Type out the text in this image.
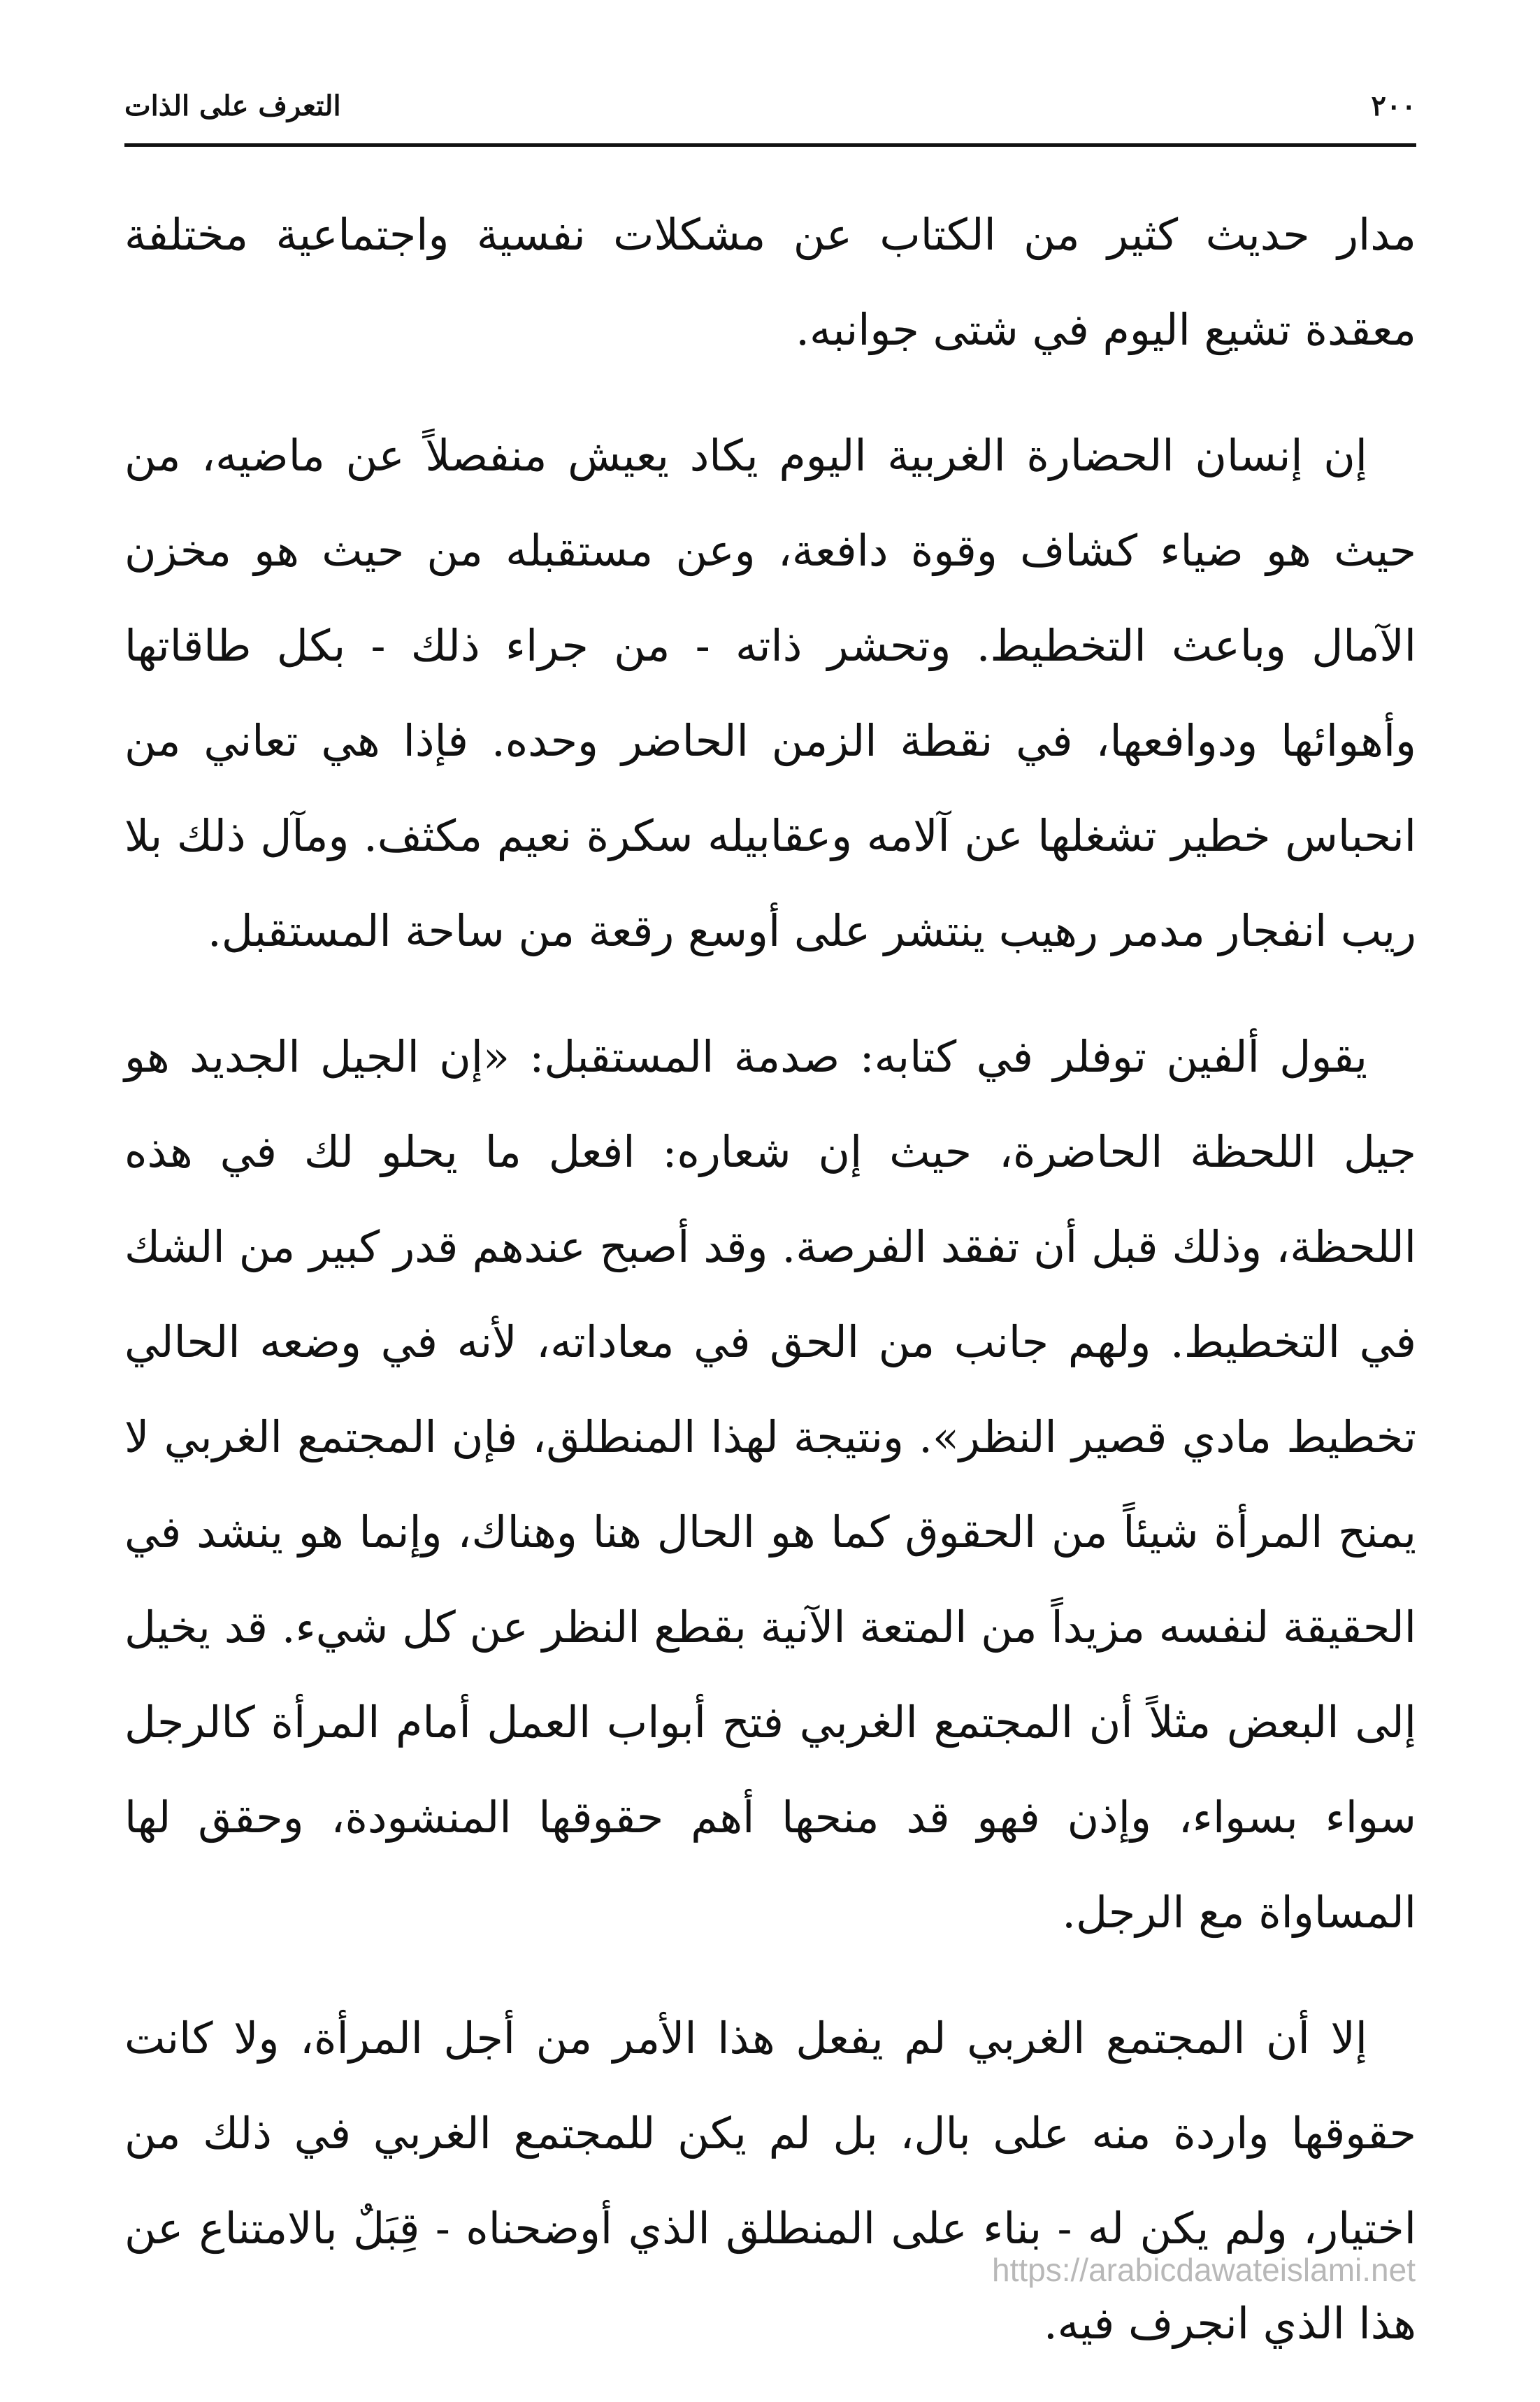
التعرف على الذات	٢٠٠

مدار حديث كثير من الكتاب عن مشكلات نفسية واجتماعية مختلفة معقدة تشيع اليوم في شتى جوانبه.

إن إنسان الحضارة الغربية اليوم يكاد يعيش منفصلاً عن ماضيه، من حيث هو ضياء كشاف وقوة دافعة، وعن مستقبله من حيث هو مخزن الآمال وباعث التخطيط. وتحشر ذاته - من جراء ذلك - بكل طاقاتها وأهوائها ودوافعها، في نقطة الزمن الحاضر وحده. فإذا هي تعاني من انحباس خطير تشغلها عن آلامه وعقابيله سكرة نعيم مكثف. ومآل ذلك بلا ريب انفجار مدمر رهيب ينتشر على أوسع رقعة من ساحة المستقبل.

يقول ألفين توفلر في كتابه: صدمة المستقبل: «إن الجيل الجديد هو جيل اللحظة الحاضرة، حيث إن شعاره: افعل ما يحلو لك في هذه اللحظة، وذلك قبل أن تفقد الفرصة. وقد أصبح عندهم قدر كبير من الشك في التخطيط. ولهم جانب من الحق في معاداته، لأنه في وضعه الحالي تخطيط مادي قصير النظر». ونتيجة لهذا المنطلق، فإن المجتمع الغربي لا يمنح المرأة شيئاً من الحقوق كما هو الحال هنا وهناك، وإنما هو ينشد في الحقيقة لنفسه مزيداً من المتعة الآنية بقطع النظر عن كل شيء. قد يخيل إلى البعض مثلاً أن المجتمع الغربي فتح أبواب العمل أمام المرأة كالرجل سواء بسواء، وإذن فهو قد منحها أهم حقوقها المنشودة، وحقق لها المساواة مع الرجل.

إلا أن المجتمع الغربي لم يفعل هذا الأمر من أجل المرأة، ولا كانت حقوقها واردة منه على بال، بل لم يكن للمجتمع الغربي في ذلك من اختيار، ولم يكن له - بناء على المنطلق الذي أوضحناه - قِبَلٌ بالامتناع عن هذا الذي انجرف فيه.

https://arabicdawateislami.net
